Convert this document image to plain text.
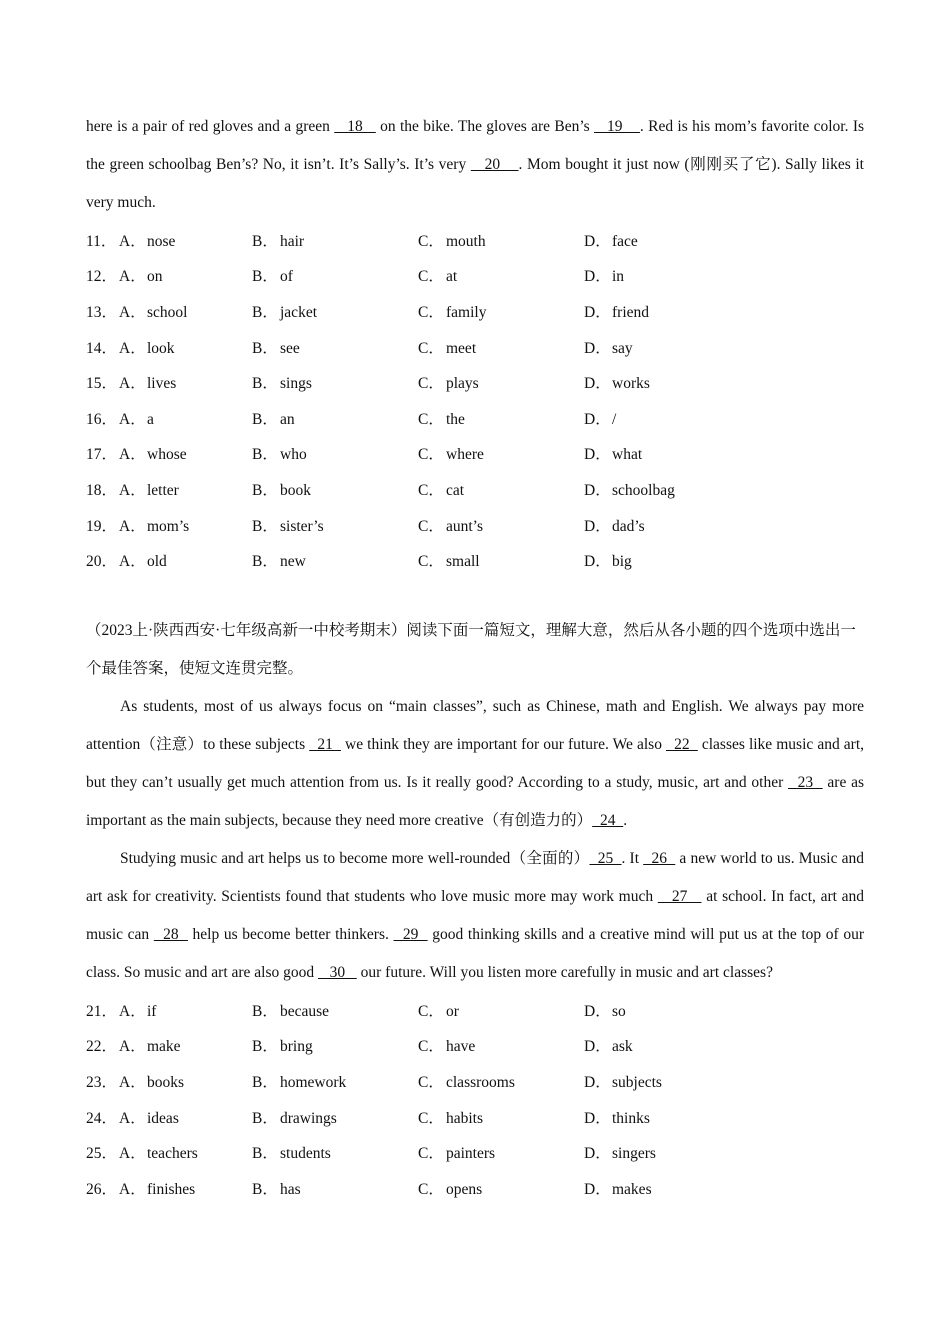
here is a pair of red gloves and a green    18    on the bike. The gloves are Ben’s    19    . Red is his mom’s favorite color. Is the green schoolbag Ben’s? No, it isn’t. It’s Sally’s. It’s very    20    . Mom bought it just now (刚刚买了它). Sally likes it very much.

11． A．nose	B． hair	C． mouth	D．face
12． A．on	B． of	C． at	D．in
13． A．school	B． jacket	C． family	D．friend
14． A．look	B． see	C． meet	D．say
15． A．lives	B． sings	C． plays	D．works
16． A．a	B． an	C． the	D．/
17． A．whose	B． who	C． where	D．what
18． A．letter	B． book	C． cat	D．schoolbag
19． A．mom’s	B． sister’s	C． aunt’s	D．dad’s
20． A．old	B． new	C． small	D．big

（2023上·陕西西安·七年级高新一中校考期末）阅读下面一篇短文，理解大意，然后从各小题的四个选项中选出一个最佳答案，使短文连贯完整。

As students, most of us always focus on “main classes”, such as Chinese, math and English. We always pay more attention（注意）to these subjects   21   we think they are important for our future. We also   22   classes like music and art, but they can’t usually get much attention from us. Is it really good? According to a study, music, art and other   23   are as important as the main subjects, because they need more creative（有创造力的）  24  .

Studying music and art helps us to become more well-rounded（全面的）  25  . It   26   a new world to us. Music and art ask for creativity. Scientists found that students who love music more may work much    27    at school. In fact, art and music can   28   help us become better thinkers.   29   good thinking skills and a creative mind will put us at the top of our class. So music and art are also good    30    our future. Will you listen more carefully in music and art classes?

21． A．if	B． because	C． or	D．so
22． A．make	B． bring	C． have	D．ask
23． A．books	B． homework	C． classrooms	D．subjects
24． A．ideas	B． drawings	C． habits	D．thinks
25． A．teachers	B． students	C． painters	D．singers
26． A．finishes	B． has	C． opens	D．makes
